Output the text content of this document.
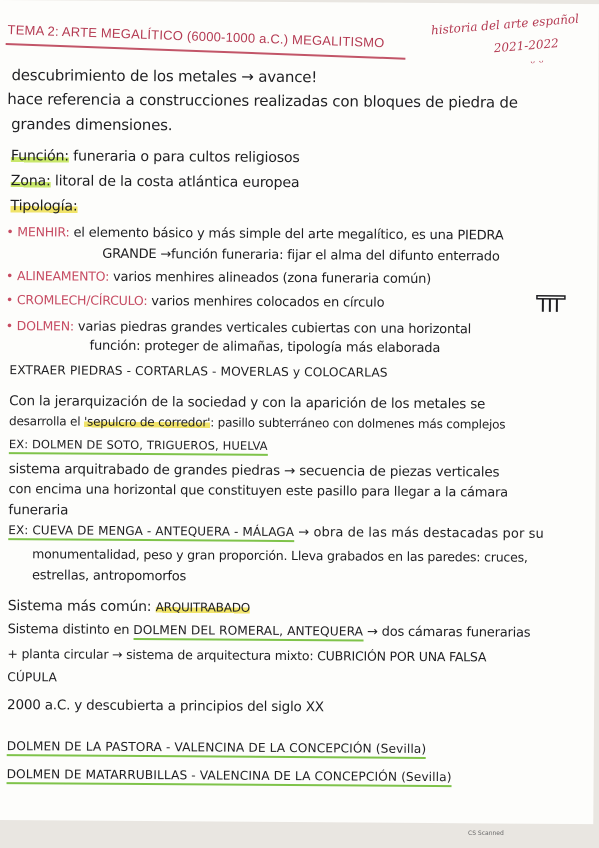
TEMA 2: ARTE MEGALÍTICO (6000-1000 a.C.) MEGALITISMO	historia del arte español
2021-2022
ᵕ ᵕ
descubrimiento de los metales → avance!
hace referencia a construcciones realizadas con bloques de piedra de
grandes dimensiones.
Función: funeraria o para cultos religiosos
Zona: litoral de la costa atlántica europea
Tipología:
• MENHIR: el elemento básico y más simple del arte megalítico, es una PIEDRA
GRANDE →función funeraria: fijar el alma del difunto enterrado
• ALINEAMENTO: varios menhires alineados (zona funeraria común)
• CROMLECH/CÍRCULO: varios menhires colocados en círculo
• DOLMEN: varias piedras grandes verticales cubiertas con una horizontal
función: proteger de alimañas, tipología más elaborada
EXTRAER PIEDRAS - CORTARLAS - MOVERLAS y COLOCARLAS
Con la jerarquización de la sociedad y con la aparición de los metales se
desarrolla el 'sepulcro de corredor': pasillo subterráneo con dolmenes más complejos
EX: DOLMEN DE SOTO, TRIGUEROS, HUELVA
sistema arquitrabado de grandes piedras → secuencia de piezas verticales
con encima una horizontal que constituyen este pasillo para llegar a la cámara
funeraria
EX: CUEVA DE MENGA - ANTEQUERA - MÁLAGA → obra de las más destacadas por su
monumentalidad, peso y gran proporción. Lleva grabados en las paredes: cruces,
estrellas, antropomorfos
Sistema más común: ARQUITRABADO
Sistema distinto en DOLMEN DEL ROMERAL, ANTEQUERA → dos cámaras funerarias
+ planta circular → sistema de arquitectura mixto: CUBRICIÓN POR UNA FALSA
CÚPULA
2000 a.C. y descubierta a principios del siglo XX
DOLMEN DE LA PASTORA - VALENCINA DE LA CONCEPCIÓN (Sevilla)
DOLMEN DE MATARRUBILLAS - VALENCINA DE LA CONCEPCIÓN (Sevilla)
CS Scanned
